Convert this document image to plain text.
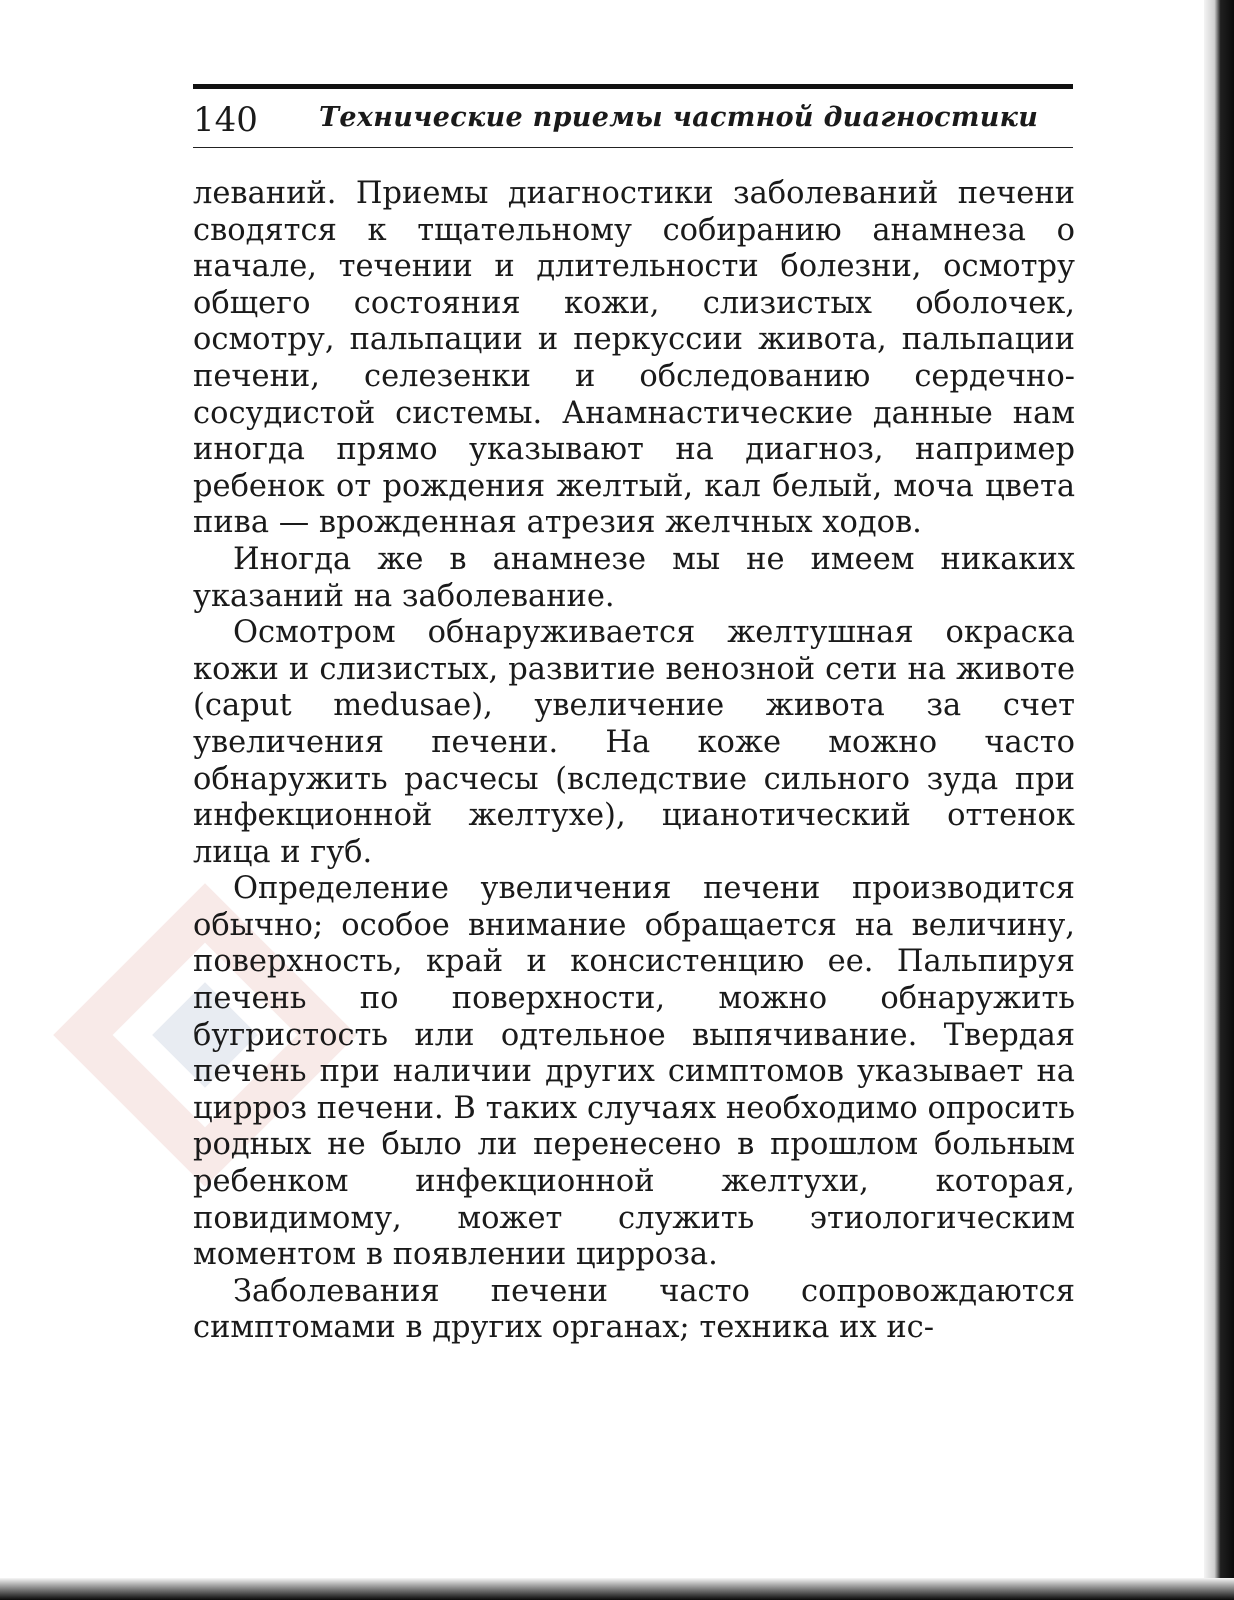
140 Технические приемы частной диагностики

леваний. Приемы диагностики заболеваний печени сводятся к тщательному собиранию анамнеза о начале, течении и длительности болезни, осмотру общего состояния кожи, слизистых оболочек, осмотру, пальпации и перкуссии живота, пальпации печени, селезенки и обследованию сердечно-сосудистой системы. Анамнастические данные нам иногда прямо указывают на диагноз, например ребенок от рождения желтый, кал белый, моча цвета пива — врожденная атрезия желчных ходов.

Иногда же в анамнезе мы не имеем никаких указаний на заболевание.

Осмотром обнаруживается желтушная окраска кожи и слизистых, развитие венозной сети на животе (caput medusae), увеличение живота за счет увеличения печени. На коже можно часто обнаружить расчесы (вследствие сильного зуда при инфекционной желтухе), цианотический оттенок лица и губ.

Определение увеличения печени производится обычно; особое внимание обращается на величину, поверхность, край и консистенцию ее. Пальпируя печень по поверхности, можно обнаружить бугристость или одтельное выпячивание. Твердая печень при наличии других симптомов указывает на цирроз печени. В таких случаях необходимо опросить родных не было ли перенесено в прошлом больным ребенком инфекционной желтухи, которая, повидимому, может служить этиологическим моментом в появлении цирроза.

Заболевания печени часто сопровождаются симптомами в других органах; техника их ис-
